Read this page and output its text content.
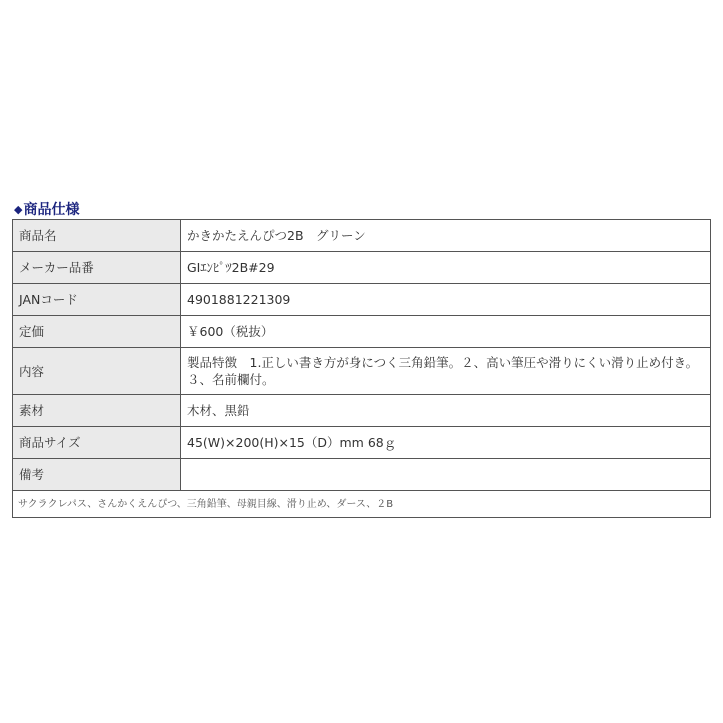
◆ 商品仕様
商品名	かきかたえんぴつ2B　グリーン
メーカー品番	GIｴﾝﾋﾟﾂ2B#29
JANコード	4901881221309
定価	￥600（税抜）
内容	製品特徴　1.正しい書き方が身につく三角鉛筆。２、高い筆圧や滑りにくい滑り止め付き。３、名前欄付。
素材	木材、黒鉛
商品サイズ	45(W)×200(H)×15（D）mm 68ｇ
備考	
サクラクレパス、さんかくえんぴつ、三角鉛筆、母親目線、滑り止め、ダース、２B	
